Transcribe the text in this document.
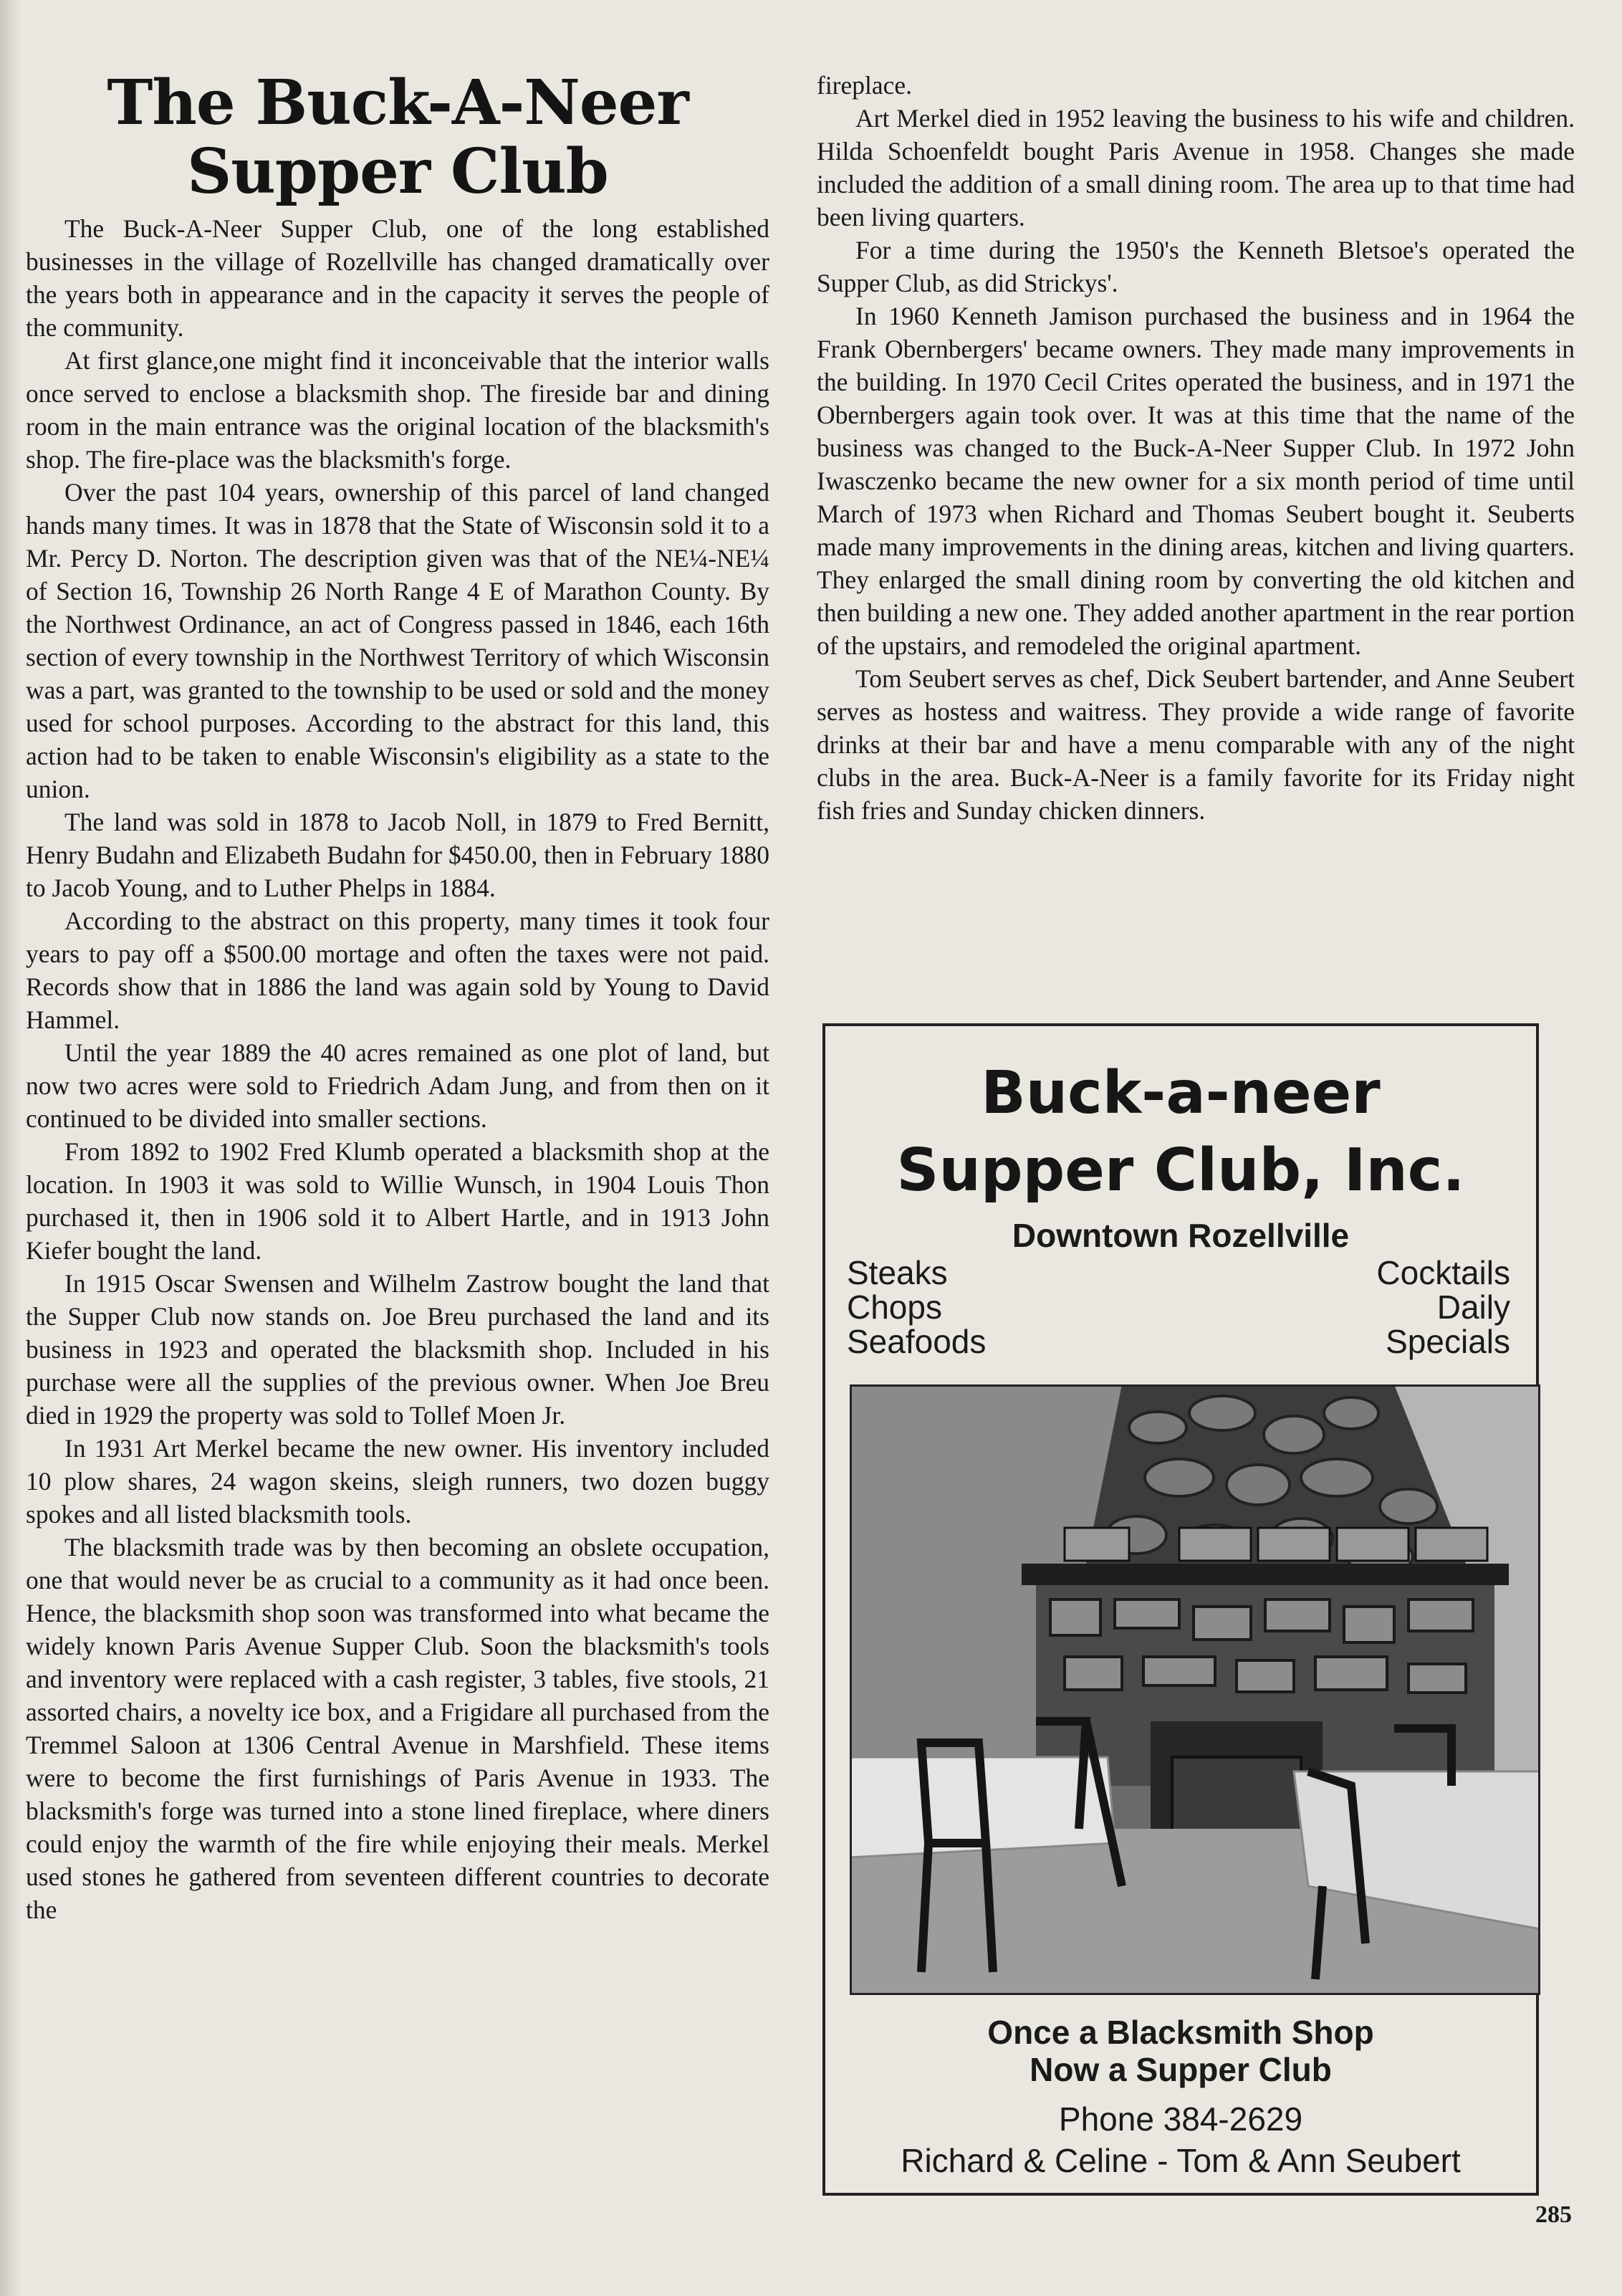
The Buck-A-Neer
Supper Club

The Buck-A-Neer Supper Club, one of the long established businesses in the village of Rozellville has changed dramatically over the years both in appearance and in the capacity it serves the people of the community.

At first glance,one might find it inconceivable that the interior walls once served to enclose a blacksmith shop. The fireside bar and dining room in the main entrance was the original location of the blacksmith's shop. The fire-place was the blacksmith's forge.

Over the past 104 years, ownership of this parcel of land changed hands many times. It was in 1878 that the State of Wisconsin sold it to a Mr. Percy D. Norton. The description given was that of the NE¼-NE¼ of Section 16, Township 26 North Range 4 E of Marathon County. By the Northwest Ordinance, an act of Congress passed in 1846, each 16th section of every township in the Northwest Territory of which Wisconsin was a part, was granted to the township to be used or sold and the money used for school purposes. According to the abstract for this land, this action had to be taken to enable Wisconsin's eligibility as a state to the union.

The land was sold in 1878 to Jacob Noll, in 1879 to Fred Bernitt, Henry Budahn and Elizabeth Budahn for $450.00, then in February 1880 to Jacob Young, and to Luther Phelps in 1884.

According to the abstract on this property, many times it took four years to pay off a $500.00 mortage and often the taxes were not paid. Records show that in 1886 the land was again sold by Young to David Hammel.

Until the year 1889 the 40 acres remained as one plot of land, but now two acres were sold to Friedrich Adam Jung, and from then on it continued to be divided into smaller sections.

From 1892 to 1902 Fred Klumb operated a blacksmith shop at the location. In 1903 it was sold to Willie Wunsch, in 1904 Louis Thon purchased it, then in 1906 sold it to Albert Hartle, and in 1913 John Kiefer bought the land.

In 1915 Oscar Swensen and Wilhelm Zastrow bought the land that the Supper Club now stands on. Joe Breu purchased the land and its business in 1923 and operated the blacksmith shop. Included in his purchase were all the supplies of the previous owner. When Joe Breu died in 1929 the property was sold to Tollef Moen Jr.

In 1931 Art Merkel became the new owner. His inventory included 10 plow shares, 24 wagon skeins, sleigh runners, two dozen buggy spokes and all listed blacksmith tools.

The blacksmith trade was by then becoming an obslete occupation, one that would never be as crucial to a community as it had once been. Hence, the blacksmith shop soon was transformed into what became the widely known Paris Avenue Supper Club. Soon the blacksmith's tools and inventory were replaced with a cash register, 3 tables, five stools, 21 assorted chairs, a novelty ice box, and a Frigidare all purchased from the Tremmel Saloon at 1306 Central Avenue in Marshfield. These items were to become the first furnishings of Paris Avenue in 1933. The blacksmith's forge was turned into a stone lined fireplace, where diners could enjoy the warmth of the fire while enjoying their meals. Merkel used stones he gathered from seventeen different countries to decorate the

fireplace.

Art Merkel died in 1952 leaving the business to his wife and children. Hilda Schoenfeldt bought Paris Avenue in 1958. Changes she made included the addition of a small dining room. The area up to that time had been living quarters.

For a time during the 1950's the Kenneth Bletsoe's operated the Supper Club, as did Strickys'.

In 1960 Kenneth Jamison purchased the business and in 1964 the Frank Obernbergers' became owners. They made many improvements in the building. In 1970 Cecil Crites operated the business, and in 1971 the Obernbergers again took over. It was at this time that the name of the business was changed to the Buck-A-Neer Supper Club. In 1972 John Iwasczenko became the new owner for a six month period of time until March of 1973 when Richard and Thomas Seubert bought it. Seuberts made many improvements in the dining areas, kitchen and living quarters. They enlarged the small dining room by converting the old kitchen and then building a new one. They added another apartment in the rear portion of the upstairs, and remodeled the original apartment.

Tom Seubert serves as chef, Dick Seubert bartender, and Anne Seubert serves as hostess and waitress. They provide a wide range of favorite drinks at their bar and have a menu comparable with any of the night clubs in the area. Buck-A-Neer is a family favorite for its Friday night fish fries and Sunday chicken dinners.

Buck-a-neer
Supper Club, Inc.
Downtown Rozellville
Steaks
Chops
Seafoods
Cocktails
Daily
Specials
Once a Blacksmith Shop
Now a Supper Club
Phone 384-2629
Richard & Celine - Tom & Ann Seubert
285
